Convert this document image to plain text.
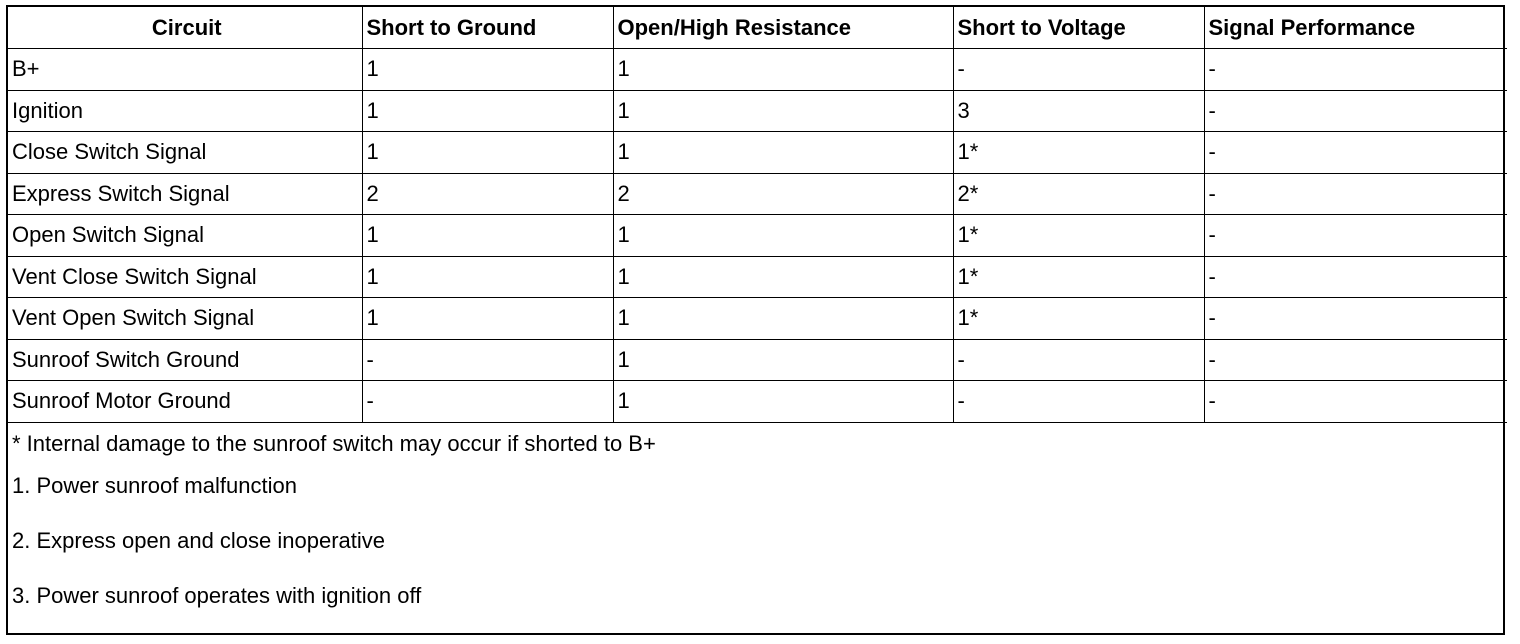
Circuit	Short to Ground	Open/High Resistance	Short to Voltage	Signal Performance
B+	1	1	-	-
Ignition	1	1	3	-
Close Switch Signal	1	1	1*	-
Express Switch Signal	2	2	2*	-
Open Switch Signal	1	1	1*	-
Vent Close Switch Signal	1	1	1*	-
Vent Open Switch Signal	1	1	1*	-
Sunroof Switch Ground	-	1	-	-
Sunroof Motor Ground	-	1	-	-
* Internal damage to the sunroof switch may occur if shorted to B+
1. Power sunroof malfunction
2. Express open and close inoperative
3. Power sunroof operates with ignition off
